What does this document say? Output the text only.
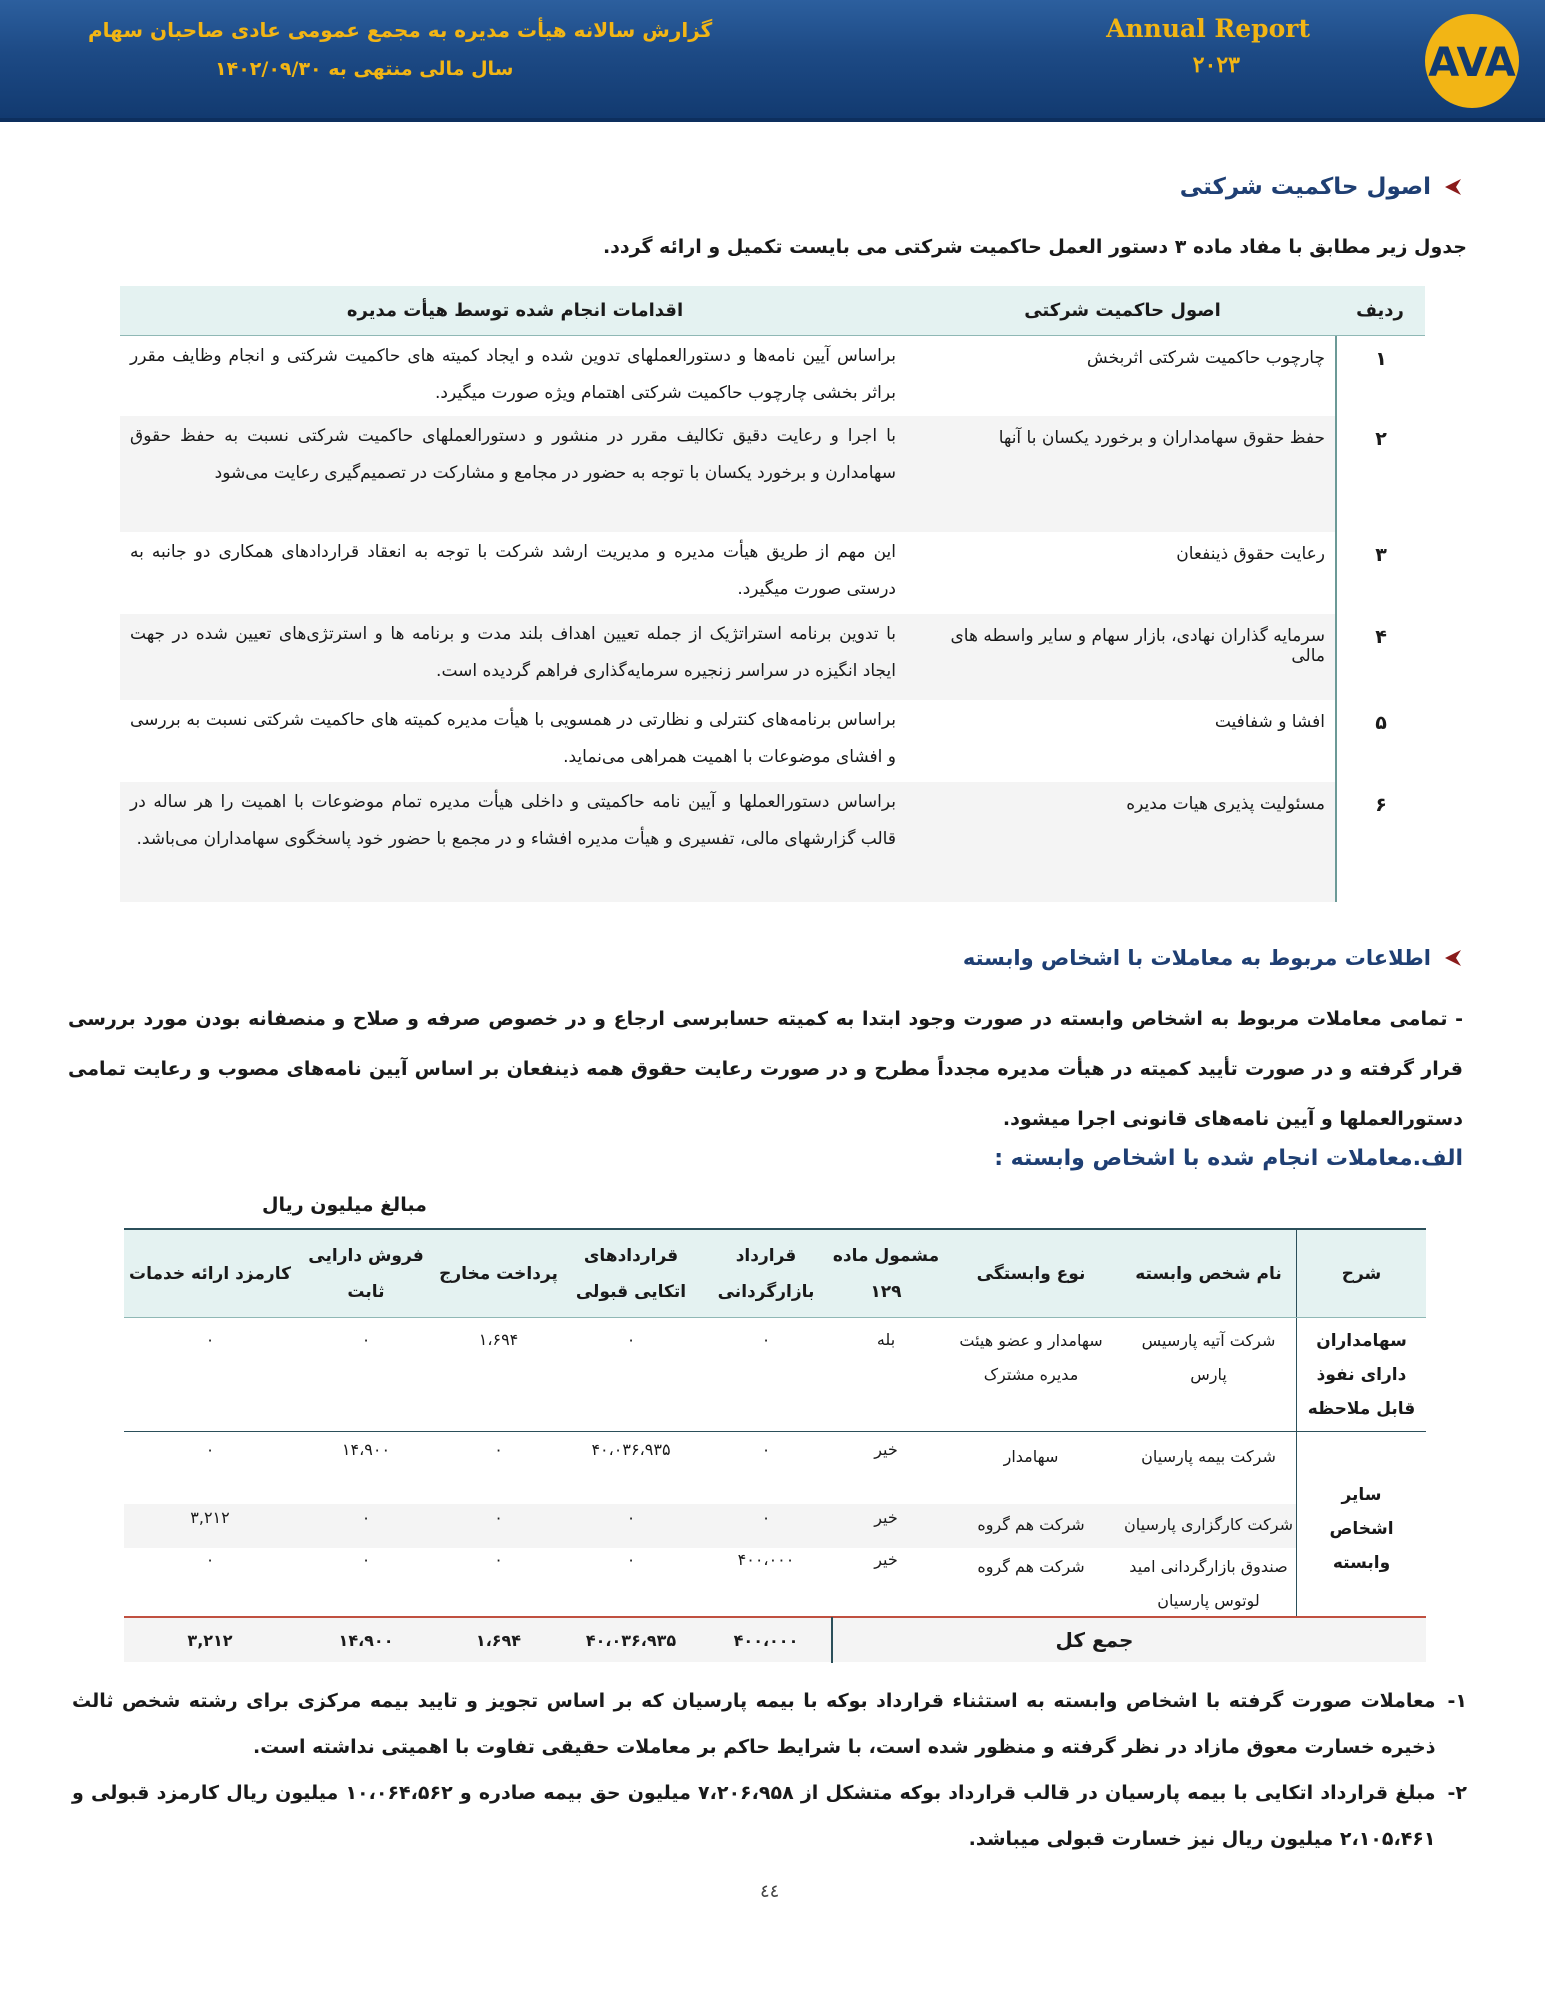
AVA
Annual Report
۲۰۲۳
گزارش سالانه هیأت مدیره به مجمع عمومی عادی صاحبان سهام
سال مالی منتهی به ۱۴۰۲/۰۹/۳۰
اصول حاکمیت شرکتی
جدول زیر مطابق با مفاد ماده ۳ دستور العمل حاکمیت شرکتی می بایست تکمیل و ارائه گردد.
ردیف
اصول حاکمیت شرکتی
اقدامات انجام شده توسط هیأت مدیره
۱
چارچوب حاکمیت شرکتی اثربخش
براساس آیین نامه‌ها و دستورالعملهای تدوین شده و ایجاد کمیته های حاکمیت شرکتی و انجام وظایف مقرر براثر بخشی چارچوب حاکمیت شرکتی اهتمام ویژه صورت میگیرد.
۲
حفظ حقوق سهامداران و برخورد یکسان با آنها
با اجرا و رعایت دقیق تکالیف مقرر در منشور و دستورالعملهای حاکمیت شرکتی نسبت به حفظ حقوق سهامدارن و برخورد یکسان با توجه به حضور در مجامع و مشارکت در تصمیم‌گیری رعایت می‌شود
۳
رعایت حقوق ذینفعان
این مهم از طریق هیأت مدیره و مدیریت ارشد شرکت با توجه به انعقاد قراردادهای همکاری دو جانبه به درستی صورت میگیرد.
۴
سرمایه گذاران نهادی، بازار سهام و سایر واسطه های مالی
با تدوین برنامه استراتژیک از جمله تعیین اهداف بلند مدت و برنامه ها و استرتژی‌های تعیین شده در جهت ایجاد انگیزه در سراسر زنجیره سرمایه‌گذاری فراهم گردیده است.
۵
افشا و شفافیت
براساس برنامه‌های کنترلی و نظارتی در همسویی با هیأت مدیره کمیته های حاکمیت شرکتی نسبت به بررسی و افشای موضوعات با اهمیت همراهی می‌نماید.
۶
مسئولیت پذیری هیات مدیره
براساس دستورالعملها و آیین نامه حاکمیتی و داخلی هیأت مدیره تمام موضوعات با اهمیت را هر ساله در قالب گزارشهای مالی، تفسیری و هیأت مدیره افشاء و در مجمع با حضور خود پاسخگوی سهامداران می‌باشد.
اطلاعات مربوط به معاملات با اشخاص وابسته
- تمامی معاملات مربوط به اشخاص وابسته در صورت وجود ابتدا به کمیته حسابرسی ارجاع و در خصوص صرفه و صلاح و منصفانه بودن مورد بررسی قرار گرفته و در صورت تأیید کمیته در هیأت مدیره مجدداً مطرح و در صورت رعایت حقوق همه ذینفعان بر اساس آیین نامه‌های مصوب و رعایت تمامی دستورالعملها و آیین نامه‌های قانونی اجرا میشود.
الف.معاملات انجام شده با اشخاص وابسته :
مبالغ میلیون ریال
شرح
نام شخص وابسته
نوع وابستگی
مشمول ماده ۱۲۹
قرارداد بازارگردانی
قراردادهای اتکایی قبولی
پرداخت مخارج
فروش دارایی ثابت
کارمزد ارائه خدمات
سهامداران دارای نفوذ قابل ملاحظه
شرکت آتیه پارسیس پارس
سهامدار و عضو هیئت مدیره مشترک
بله
۰
۰
۱،۶۹۴
۰
۰
سایر اشخاص وابسته
شرکت بیمه پارسیان
سهامدار
خیر
۰
۴۰،۰۳۶،۹۳۵
۰
۱۴،۹۰۰
۰
شرکت کارگزاری پارسیان
شرکت هم گروه
خیر
۰
۰
۰
۰
۳,۲۱۲
صندوق بازارگردانی امید لوتوس پارسیان
شرکت هم گروه
خیر
۴۰۰،۰۰۰
۰
۰
۰
۰
جمع کل
۴۰۰،۰۰۰
۴۰،۰۳۶،۹۳۵
۱،۶۹۴
۱۴،۹۰۰
۳,۲۱۲
۱-
معاملات صورت گرفته با اشخاص وابسته به استثناء قرارداد بوکه با بیمه پارسیان که بر اساس تجویز و تایید بیمه مرکزی برای رشته شخص ثالث ذخیره خسارت معوق مازاد در نظر گرفته و منظور شده است، با شرایط حاکم بر معاملات حقیقی تفاوت با اهمیتی نداشته است.
۲-
مبلغ قرارداد اتکایی با بیمه پارسیان در قالب قرارداد بوکه متشکل از ۷،۲۰۶،۹۵۸ میلیون حق بیمه صادره و ۱۰،۰۶۴،۵۶۲ میلیون ریال کارمزد قبولی و ۲،۱۰۵،۴۶۱ میلیون ریال نیز خسارت قبولی میباشد.
٤٤
